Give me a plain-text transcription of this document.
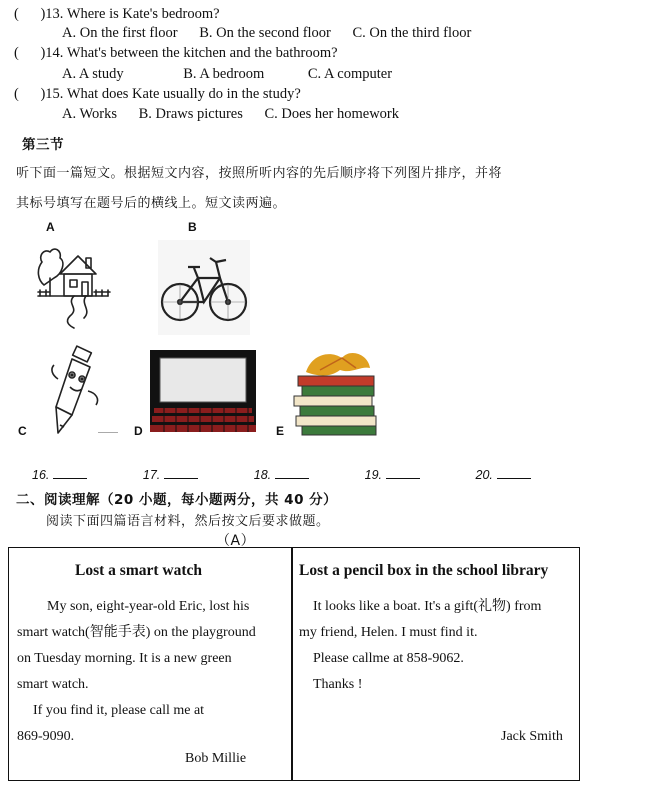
( )13. Where is Kate's bedroom?
A. On the first floor B. On the second floor C. On the third floor
( )14. What's between the kitchen and the bathroom?
A. A study	B. A bedroom	C. A computer
( )15. What does Kate usually do in the study?
A. Works B. Draws pictures C. Does her homework
第三节
听下面一篇短文。根据短文内容，按照所听内容的先后顺序将下列图片排序，并将
其标号填写在题号后的横线上。短文读两遍。
A	B
C	D	E
16.	17.	18.	19.	20.
二、阅读理解（20 小题，每小题两分，共 40 分）
阅读下面四篇语言材料，然后按文后要求做题。
（A）
Lost a smart watch
My son, eight-year-old Eric, lost his
smart watch(智能手表) on the playground
on Tuesday morning. It is a new green
smart watch.
If you find it, please call me at
869-9090.
Bob Millie
Lost a pencil box in the school library
It looks like a boat. It's a gift(礼物) from
my friend, Helen. I must find it.
Please callme at 858-9062.
Thanks !
Jack Smith
